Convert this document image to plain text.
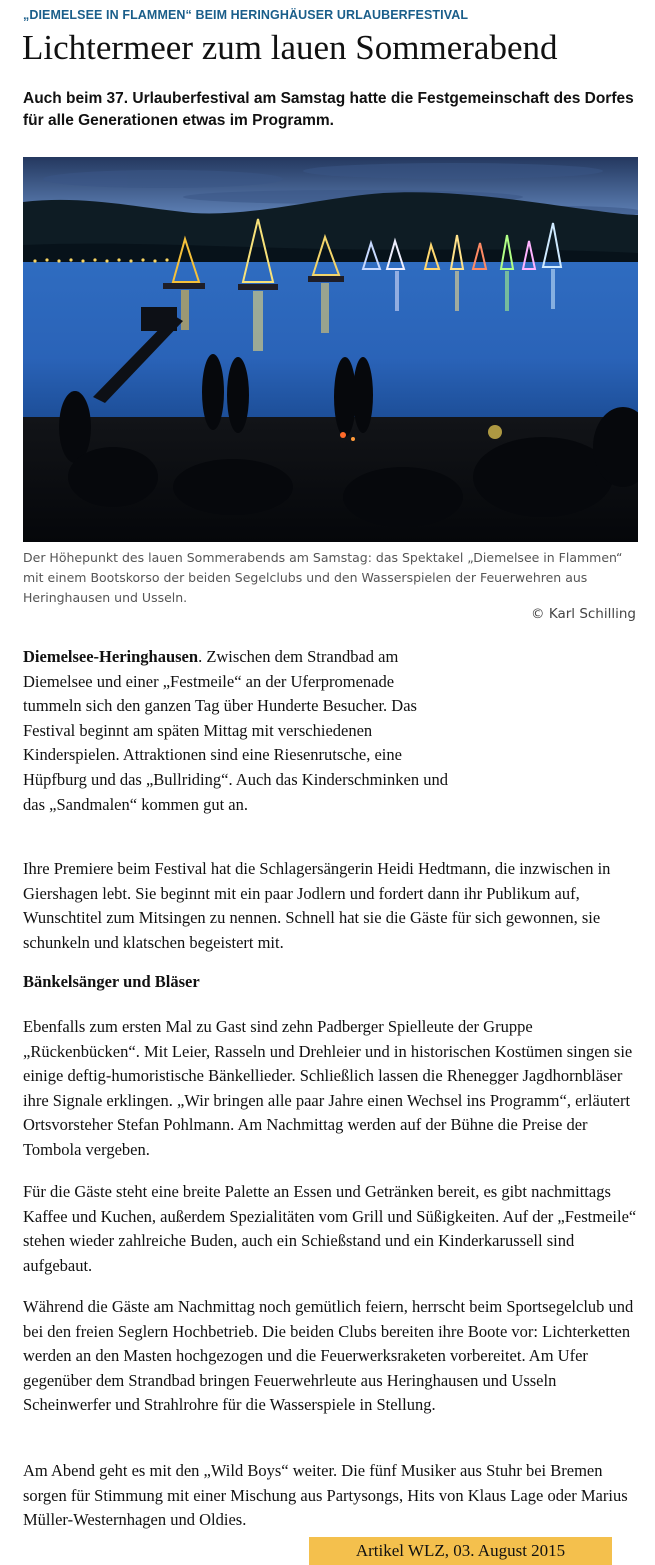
„DIEMELSEE IN FLAMMEN“ BEIM HERINGHÄUSER URLAUBERFESTIVAL
Lichtermeer zum lauen Sommerabend

Auch beim 37. Urlauberfestival am Samstag hatte die Festgemeinschaft des Dorfes für alle Generationen etwas im Programm.

Der Höhepunkt des lauen Sommerabends am Samstag: das Spektakel „Diemelsee in Flammen“ mit einem Bootskorso der beiden Segelclubs und den Wasserspielen der Feuerwehren aus Heringhausen und Usseln.

© Karl Schilling

Diemelsee-Heringhausen. Zwischen dem Strandbad am Diemelsee und einer „Festmeile“ an der Uferpromenade tummeln sich den ganzen Tag über Hunderte Besucher. Das Festival beginnt am späten Mittag mit verschiedenen Kinderspielen. Attraktionen sind eine Riesenrutsche, eine Hüpfburg und das „Bullriding“. Auch das Kinderschminken und das „Sandmalen“ kommen gut an.

Ihre Premiere beim Festival hat die Schlagersängerin Heidi Hedtmann, die inzwischen in Giershagen lebt. Sie beginnt mit ein paar Jodlern und fordert dann ihr Publikum auf, Wunschtitel zum Mitsingen zu nennen. Schnell hat sie die Gäste für sich gewonnen, sie schunkeln und klatschen begeistert mit.

Bänkelsänger und Bläser

Ebenfalls zum ersten Mal zu Gast sind zehn Padberger Spielleute der Gruppe „Rückenbücken“. Mit Leier, Rasseln und Drehleier und in historischen Kostümen singen sie einige deftig-humoristische Bänkellieder. Schließlich lassen die Rhenegger Jagdhornbläser ihre Signale erklingen. „Wir bringen alle paar Jahre einen Wechsel ins Programm“, erläutert Ortsvorsteher Stefan Pohlmann. Am Nachmittag werden auf der Bühne die Preise der Tombola vergeben.

Für die Gäste steht eine breite Palette an Essen und Getränken bereit, es gibt nachmittags Kaffee und Kuchen, außerdem Spezialitäten vom Grill und Süßigkeiten. Auf der „Festmeile“ stehen wieder zahlreiche Buden, auch ein Schießstand und ein Kinderkarussell sind aufgebaut.

Während die Gäste am Nachmittag noch gemütlich feiern, herrscht beim Sportsegelclub und bei den freien Seglern Hochbetrieb. Die beiden Clubs bereiten ihre Boote vor: Lichterketten werden an den Masten hochgezogen und die Feuerwerksraketen vorbereitet. Am Ufer gegenüber dem Strandbad bringen Feuerwehrleute aus Heringhausen und Usseln Scheinwerfer und Strahlrohre für die Wasserspiele in Stellung.

Am Abend geht es mit den „Wild Boys“ weiter. Die fünf Musiker aus Stuhr bei Bremen sorgen für Stimmung mit einer Mischung aus Partysongs, Hits von Klaus Lage oder Marius Müller-Westernhagen und Oldies.

Artikel WLZ, 03. August 2015
